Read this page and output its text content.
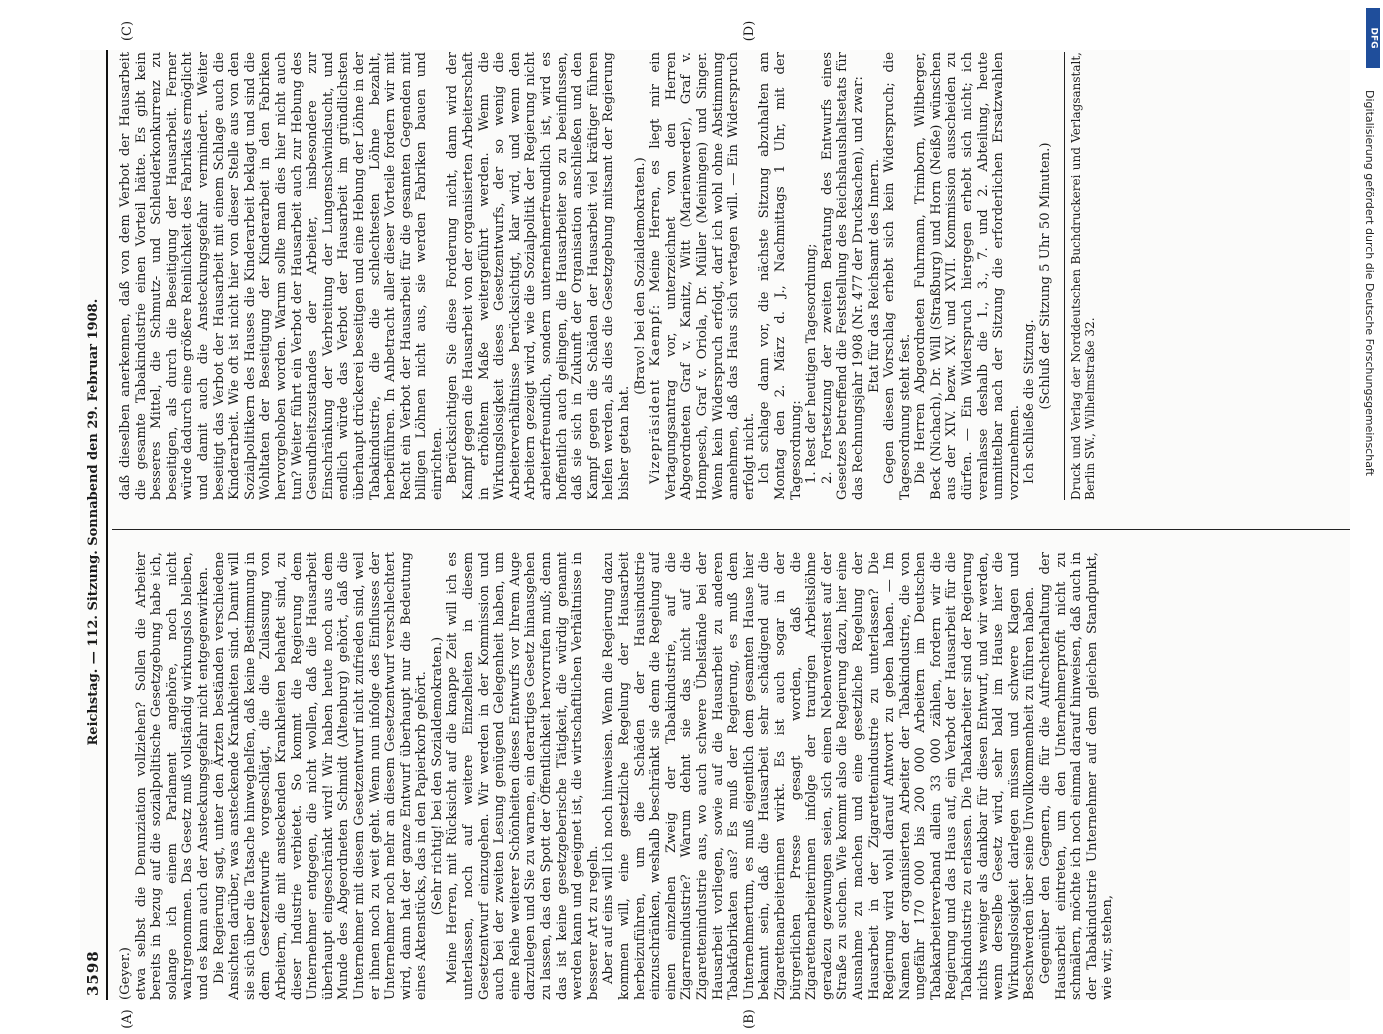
3598
Reichstag. — 112. Sitzung. Sonnabend den 29. Februar 1908.
(A)	(B)
(C)	(D)

(Geyer.) etwa selbst die Denunziation vollziehen? Sollen die Arbeiter bereits in bezug auf die sozialpolitische Gesetzgebung habe ich, solange ich einem Parlament angehöre, noch nicht wahrgenommen. Das Gesetz muß vollständig wirkungslos bleiben, und es kann auch der Ansteckungsgefahr nicht entgegenwirken. Die Regierung sagt, unter den Ärzten beständen verschiedene Ansichten darüber, was ansteckende Krankheiten sind. Damit will sie sich über die Tatsache hinweghelfen, daß keine Bestimmung in dem Gesetzentwurfe vorgeschlägt, die die Zulassung von Arbeitern, die mit ansteckenden Krankheiten behaftet sind, zu dieser Industrie verbietet. So kommt die Regierung dem Unternehmer entgegen, die nicht wollen, daß die Hausarbeit überhaupt eingeschränkt wird! Wir haben heute noch aus dem Munde des Abgeordneten Schmidt (Altenburg) gehört, daß die Unternehmer mit diesem Gesetzentwurf nicht zufrieden sind, weil er ihnen noch zu weit geht. Wenn nun infolge des Einflusses der Unternehmer noch mehr an diesem Gesetzentwurf verschlechtert wird, dann hat der ganze Entwurf überhaupt nur die Bedeutung eines Aktenstücks, das in den Papierkorb gehört. (Sehr richtig! bei den Sozialdemokraten.) Meine Herren, mit Rücksicht auf die knappe Zeit will ich es unterlassen, noch auf weitere Einzelheiten in diesem Gesetzentwurf einzugehen. Wir werden in der Kommission und auch bei der zweiten Lesung genügend Gelegenheit haben, um eine Reihe weiterer Schönheiten dieses Entwurfs vor Ihrem Auge darzulegen und Sie zu warnen, ein derartiges Gesetz hinausgehen zu lassen, das den Spott der Öffentlichkeit hervorrufen muß; denn das ist keine gesetzgeberische Tätigkeit, die würdig genannt werden kann und geeignet ist, die wirtschaftlichen Verhältnisse in besserer Art zu regeln. Aber auf eins will ich noch hinweisen. Wenn die Regierung dazu kommen will, eine gesetzliche Regelung der Hausarbeit herbeizuführen, um die Schäden der Hausindustrie einzuschränken, weshalb beschränkt sie denn die Regelung auf einen einzelnen Zweig der Tabakindustrie, auf die Zigarrenindustrie? Warum dehnt sie das nicht auf die Zigarettenindustrie aus, wo auch schwere Übelstände bei der Hausarbeit vorliegen, sowie auf die Hausarbeit zu anderen Tabakfabrikaten aus? Es muß der Regierung, es muß dem Unternehmertum, es muß eigentlich dem gesamten Hause hier bekannt sein, daß die Hausarbeit sehr schädigend auf die Zigarettenarbeiterinnen wirkt. Es ist auch sogar in der bürgerlichen Presse gesagt worden, daß die Zigarettenarbeiterinnen infolge der traurigen Arbeitslöhne geradezu gezwungen seien, sich einen Nebenverdienst auf der Straße zu suchen. Wie kommt also die Regierung dazu, hier eine Ausnahme zu machen und eine gesetzliche Regelung der Hausarbeit in der Zigarettenindustrie zu unterlassen? Die Regierung wird wohl darauf Antwort zu geben haben. — Im Namen der organisierten Arbeiter der Tabakindustrie, die von ungefähr 170 000 bis 200 000 Arbeitern im Deutschen Tabakarbeiterverband allein 33 000 zählen, fordern wir die Regierung und das Haus auf, ein Verbot der Hausarbeit für die Tabakindustrie zu erlassen. Die Tabakarbeiter sind der Regierung nichts weniger als dankbar für diesen Entwurf, und wir werden, wenn derselbe Gesetz wird, sehr bald im Hause hier die Wirkungslosigkeit darlegen müssen und schwere Klagen und Beschwerden über seine Unvollkommenheit zu führen haben. Gegenüber den Gegnern, die für die Aufrechterhaltung der Hausarbeit eintreten, um den Unternehmerprofit nicht zu schmälern, möchte ich noch einmal darauf hinweisen, daß auch in der Tabakindustrie Unternehmer auf dem gleichen Standpunkt, wie wir, stehen,

daß dieselben anerkennen, daß von dem Verbot der Hausarbeit die gesamte Tabakindustrie einen Vorteil hätte. Es gibt kein besseres Mittel, die Schmutz- und Schleuderkonkurrenz zu beseitigen, als durch die Beseitigung der Hausarbeit. Ferner würde dadurch eine größere Reinlichkeit des Fabrikats ermöglicht und damit auch die Ansteckungsgefahr vermindert. Weiter beseitigt das Verbot der Hausarbeit mit einem Schlage auch die Kinderarbeit. Wie oft ist nicht hier von dieser Stelle aus von den Sozialpolitikern des Hauses die Kinderarbeit beklagt und sind die Wohltaten der Beseitigung der Kinderarbeit in den Fabriken hervorgehoben worden. Warum sollte man dies hier nicht auch tun? Weiter führt ein Verbot der Hausarbeit auch zur Hebung des Gesundheitszustandes der Arbeiter, insbesondere zur Einschränkung der Verbreitung der Lungenschwindsucht, und endlich würde das Verbot der Hausarbeit im gründlichsten überhaupt drückerei beseitigen und eine Hebung der Löhne in der Tabakindustrie, die die schlechtesten Löhne bezahlt, herbeiführen. In Anbetracht aller dieser Vorteile fordern wir mit Recht ein Verbot der Hausarbeit für die gesamten Gegenden mit billigen Löhnen nicht aus, sie werden Fabriken bauen und einrichten. Berücksichtigen Sie diese Forderung nicht, dann wird der Kampf gegen die Hausarbeit von der organisierten Arbeiterschaft in erhöhtem Maße weitergeführt werden. Wenn die Wirkungslosigkeit dieses Gesetzentwurfs, der so wenig die Arbeiterverhältnisse berücksichtigt, klar wird, und wenn den Arbeitern gezeigt wird, wie die Sozialpolitik der Regierung nicht arbeiterfreundlich, sondern unternehmerfreundlich ist, wird es hoffentlich auch gelingen, die Hausarbeiter so zu beeinflussen, daß sie sich in Zukunft der Organisation anschließen und den Kampf gegen die Schäden der Hausarbeit viel kräftiger führen helfen werden, als dies die Gesetzgebung mitsamt der Regierung bisher getan hat.

(Bravo! bei den Sozialdemokraten.) Vizepräsident Kaempf: Meine Herren, es liegt mir ein Vertagungsantrag vor, unterzeichnet von den Herren Abgeordneten Graf v. Kanitz, Witt (Marienwerder), Graf v. Hompesch, Graf v. Oriola, Dr. Müller (Meiningen) und Singer. Wenn kein Widerspruch erfolgt, darf ich wohl ohne Abstimmung annehmen, daß das Haus sich vertagen will. — Ein Widerspruch erfolgt nicht. Ich schlage dann vor, die nächste Sitzung abzuhalten am Montag den 2. März d. J., Nachmittags 1 Uhr, mit der Tagesordnung: 1. Rest der heutigen Tagesordnung; 2. Fortsetzung der zweiten Beratung des Entwurfs eines Gesetzes betreffend die Feststellung des Reichshaushaltsetats für das Rechnungsjahr 1908 (Nr. 477 der Drucksachen), und zwar: Etat für das Reichsamt des Innern. Gegen diesen Vorschlag erhebt sich kein Widerspruch; die Tagesordnung steht fest. Die Herren Abgeordneten Fuhrmann, Trimborn, Wiltberger, Beck (Nichach), Dr. Will (Straßburg) und Horn (Neiße) wünschen aus der XIV. bezw. XV. und XVII. Kommission ausscheiden zu dürfen. — Ein Widerspruch hiergegen erhebt sich nicht; ich veranlasse deshalb die 1., 3., 7. und 2. Abteilung, heute unmittelbar nach der Sitzung die erforderlichen Ersatzwahlen vorzunehmen. Ich schließe die Sitzung. (Schluß der Sitzung 5 Uhr 50 Minuten.)	Druck und Verlag der Norddeutschen Buchdruckerei und Verlagsanstalt, Berlin SW., Wilhelmstraße 32.	Digitalisierung gefördert durch die Deutsche Forschungsgemeinschaft
DFG
